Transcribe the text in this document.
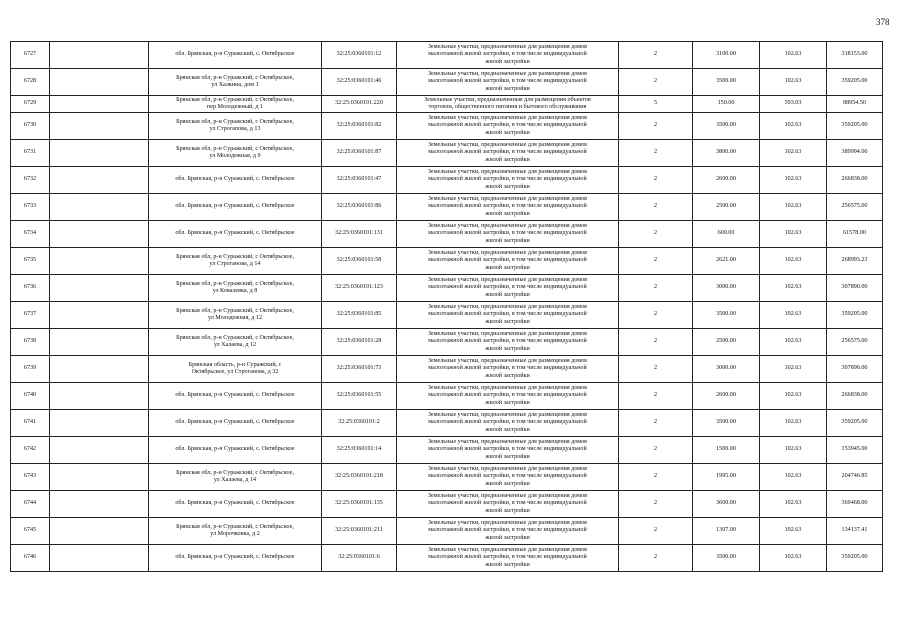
378
6727		обл. Брянская, р-н Суражский, с. Октябрьское	32:25:0360101:12	Земельные участки, предназначенные для размещения домов
малоэтажной жилой застройки, в том числе индивидуальной
жилой застройки	2	3100.00	102.63	318153.00
6728		Брянская обл, р-н Суражский, с Октябрьское,
ул Халкина, дом 1	32:25:0360101:46	Земельные участки, предназначенные для размещения домов
малоэтажной жилой застройки, в том числе индивидуальной
жилой застройки	2	3500.00	102.63	359205.00
6729		Брянская обл, р-н Суражский, с Октябрьское,
пер Молодежный, д 1	32:25:0360101:220	Земельные участки, предназначенные для размещения объектов
торговли, общественного питания и бытового обслуживания	5	150.00	593.03	88954.50
6730		Брянская обл, р-н Суражский, с Октябрьское,
ул Строгапова, д 13	32:25:0360101:82	Земельные участки, предназначенные для размещения домов
малоэтажной жилой застройки, в том числе индивидуальной
жилой застройки	2	3500.00	102.63	359205.00
6731		Брянская обл, р-н Суражский, с Октябрьское,
ул Молодежная, д 9	32:25:0360101:87	Земельные участки, предназначенные для размещения домов
малоэтажной жилой застройки, в том числе индивидуальной
жилой застройки	2	3800.00	102.63	389994.00
6732		обл. Брянская, р-н Суражский, с. Октябрьское	32:25:0360101:47	Земельные участки, предназначенные для размещения домов
малоэтажной жилой застройки, в том числе индивидуальной
жилой застройки	2	2600.00	102.63	266838.00
6733		обл. Брянская, р-н Суражский, с. Октябрьское	32:25:0360101:86	Земельные участки, предназначенные для размещения домов
малоэтажной жилой застройки, в том числе индивидуальной
жилой застройки	2	2500.00	102.63	256575.00
6734		обл. Брянская, р-н Суражский, с. Октябрьское	32:25:0360101:131	Земельные участки, предназначенные для размещения домов
малоэтажной жилой застройки, в том числе индивидуальной
жилой застройки	2	600.00	102.63	61578.00
6735		Брянская обл, р-н Суражский, с Октябрьское,
ул Строганова, д 14	32:25:0360101:58	Земельные участки, предназначенные для размещения домов
малоэтажной жилой застройки, в том числе индивидуальной
жилой застройки	2	2621.00	102.63	268993.23
6736		Брянская обл, р-н Суражский, с Октябрьское,
ул Ковалевка, д 8	32:25:0360101:123	Земельные участки, предназначенные для размещения домов
малоэтажной жилой застройки, в том числе индивидуальной
жилой застройки	2	3000.00	102.63	307890.00
6737		Брянская обл, р-н Суражский, с Октябрьское,
ул Молодежная, д 12	32:25:0360101:85	Земельные участки, предназначенные для размещения домов
малоэтажной жилой застройки, в том числе индивидуальной
жилой застройки	2	3500.00	102.63	359205.00
6738		Брянская обл, р-н Суражский, с Октябрьское,
ул Халаева, д 12	32:25:0360101:28	Земельные участки, предназначенные для размещения домов
малоэтажной жилой застройки, в том числе индивидуальной
жилой застройки	2	2500.00	102.63	256575.00
6739		Брянская область, р-н Суражский, с
Октябрьское, ул Строганова, д 32	32:25:0360101:73	Земельные участки, предназначенные для размещения домов
малоэтажной жилой застройки, в том числе индивидуальной
жилой застройки	2	3000.00	102.63	307890.00
6740		обл. Брянская, р-н Суражский, с. Октябрьское	32:25:0360101:55	Земельные участки, предназначенные для размещения домов
малоэтажной жилой застройки, в том числе индивидуальной
жилой застройки	2	2600.00	102.63	266838.00
6741		обл. Брянская, р-н Суражский, с. Октябрьское	32:25:0360101:2	Земельные участки, предназначенные для размещения домов
малоэтажной жилой застройки, в том числе индивидуальной
жилой застройки	2	3500.00	102.63	359205.00
6742		обл. Брянская, р-н Суражский, с. Октябрьское	32:25:0360101:14	Земельные участки, предназначенные для размещения домов
малоэтажной жилой застройки, в том числе индивидуальной
жилой застройки	2	1500.00	102.63	153945.00
6743		Брянская обл, р-н Суражский, с Октябрьское,
ул Халаева, д 14	32:25:0360101:218	Земельные участки, предназначенные для размещения домов
малоэтажной жилой застройки, в том числе индивидуальной
жилой застройки	2	1995.00	102.63	204746.85
6744		обл. Брянская, р-н Суражский, с. Октябрьское	32:25:0360101:135	Земельные участки, предназначенные для размещения домов
малоэтажной жилой застройки, в том числе индивидуальной
жилой застройки	2	3600.00	102.63	369468.00
6745		Брянская обл, р-н Суражский, с Октябрьское,
ул Морочковка, д 2	32:25:0360101:211	Земельные участки, предназначенные для размещения домов
малоэтажной жилой застройки, в том числе индивидуальной
жилой застройки	2	1307.00	102.63	134137.41
6746		обл. Брянская, р-н Суражский, с. Октябрьское	32:25:0360101:6	Земельные участки, предназначенные для размещения домов
малоэтажной жилой застройки, в том числе индивидуальной
жилой застройки	2	3500.00	102.63	359205.00
